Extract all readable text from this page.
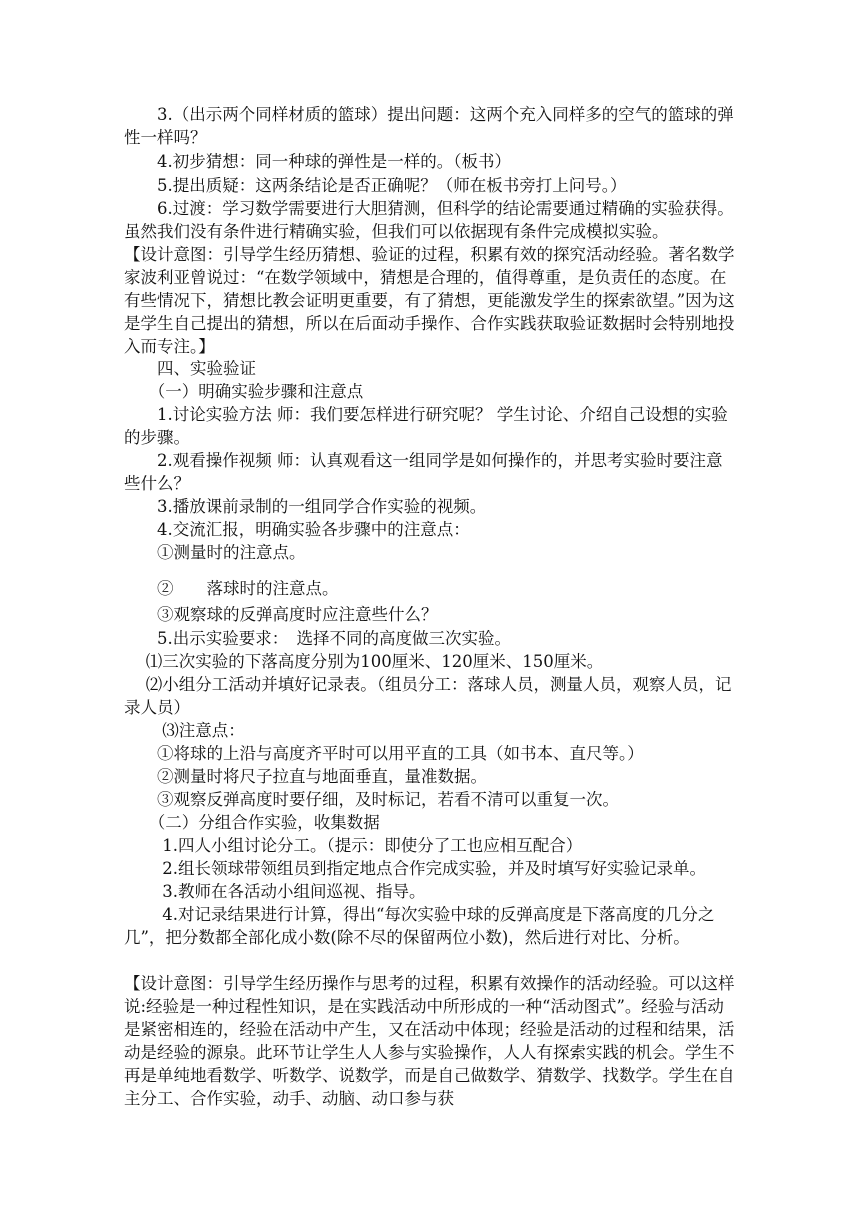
　　3.（出示两个同样材质的篮球）提出问题：这两个充入同样多的空气的篮球的弹性一样吗？

　　4.初步猜想：同一种球的弹性是一样的。（板书）

　　5.提出质疑：这两条结论是否正确呢？（师在板书旁打上问号。）

　　6.过渡：学习数学需要进行大胆猜测，但科学的结论需要通过精确的实验获得。虽然我们没有条件进行精确实验，但我们可以依据现有条件完成模拟实验。

【设计意图：引导学生经历猜想、验证的过程，积累有效的探究活动经验。著名数学家波利亚曾说过：“在数学领域中，猜想是合理的，值得尊重，是负责任的态度。在有些情况下，猜想比教会证明更重要，有了猜想，更能激发学生的探索欲望。”因为这是学生自己提出的猜想，所以在后面动手操作、合作实践获取验证数据时会特别地投入而专注。】

　　四、实验验证

　　（一）明确实验步骤和注意点

　　1.讨论实验方法 师：我们要怎样进行研究呢？ 学生讨论、介绍自己设想的实验的步骤。

　　2.观看操作视频 师：认真观看这一组同学是如何操作的，并思考实验时要注意些什么？

　　3.播放课前录制的一组同学合作实验的视频。

　　4.交流汇报，明确实验各步骤中的注意点：

　　①测量时的注意点。

　　②　　落球时的注意点。

　　③观察球的反弹高度时应注意些什么？

　　5.出示实验要求：　选择不同的高度做三次实验。

　 ⑴三次实验的下落高度分别为100厘米、120厘米、150厘米。

　 ⑵小组分工活动并填好记录表。（组员分工：落球人员，测量人员，观察人员，记录人员）

　　 ⑶注意点：

　　①将球的上沿与高度齐平时可以用平直的工具（如书本、直尺等。）

　　②测量时将尺子拉直与地面垂直，量准数据。

　　③观察反弹高度时要仔细，及时标记，若看不清可以重复一次。

　　（二）分组合作实验，收集数据

　　 1.四人小组讨论分工。（提示：即使分了工也应相互配合）

　　 2.组长领球带领组员到指定地点合作完成实验，并及时填写好实验记录单。

　　 3.教师在各活动小组间巡视、指导。

　　 4.对记录结果进行计算，得出“每次实验中球的反弹高度是下落高度的几分之几”，把分数都全部化成小数(除不尽的保留两位小数)，然后进行对比、分析。

【设计意图：引导学生经历操作与思考的过程，积累有效操作的活动经验。可以这样说:经验是一种过程性知识，是在实践活动中所形成的一种“活动图式”。经验与活动是紧密相连的，经验在活动中产生，又在活动中体现；经验是活动的过程和结果，活动是经验的源泉。此环节让学生人人参与实验操作，人人有探索实践的机会。学生不再是单纯地看数学、听数学、说数学，而是自己做数学、猜数学、找数学。学生在自主分工、合作实验，动手、动脑、动口参与获
